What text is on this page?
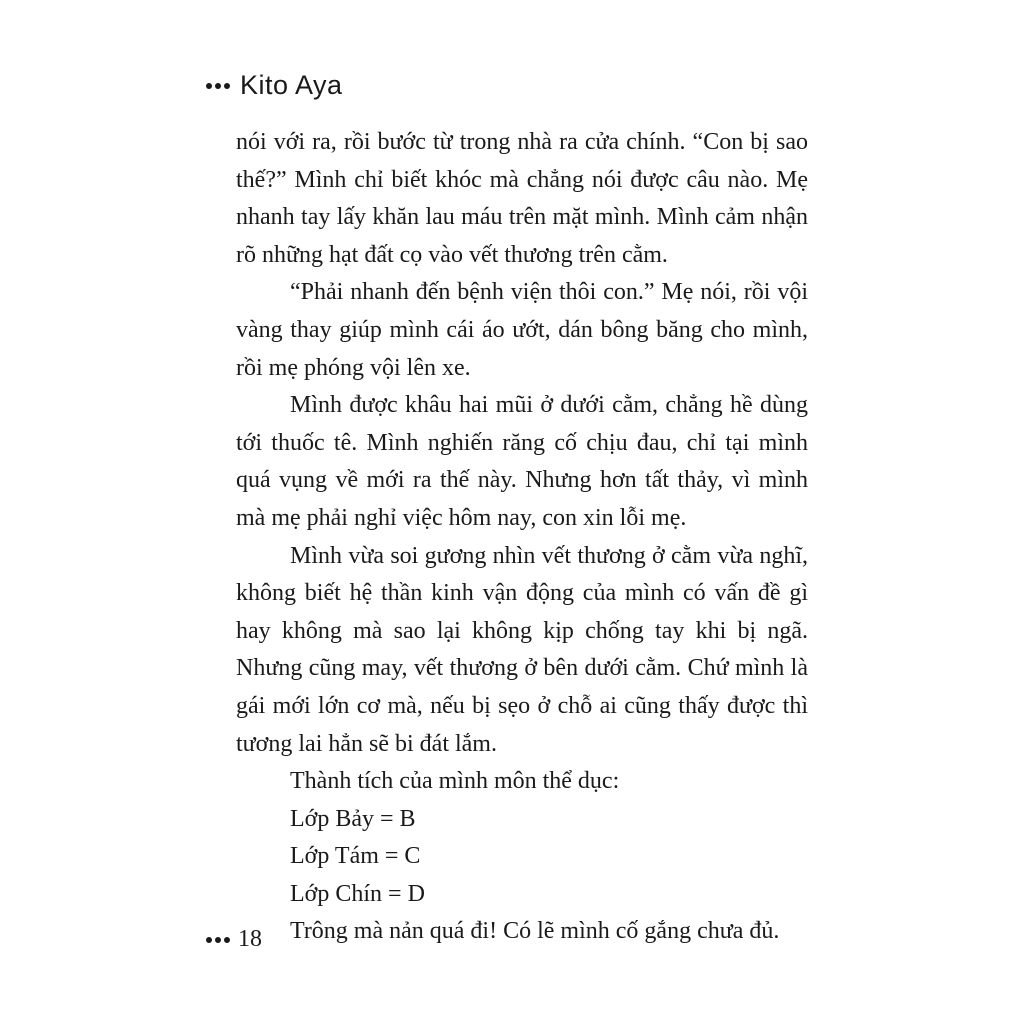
Kito Aya

nói với ra, rồi bước từ trong nhà ra cửa chính. “Con bị sao thế?” Mình chỉ biết khóc mà chẳng nói được câu nào. Mẹ nhanh tay lấy khăn lau máu trên mặt mình. Mình cảm nhận rõ những hạt đất cọ vào vết thương trên cằm.

“Phải nhanh đến bệnh viện thôi con.” Mẹ nói, rồi vội vàng thay giúp mình cái áo ướt, dán bông băng cho mình, rồi mẹ phóng vội lên xe.

Mình được khâu hai mũi ở dưới cằm, chẳng hề dùng tới thuốc tê. Mình nghiến răng cố chịu đau, chỉ tại mình quá vụng về mới ra thế này. Nhưng hơn tất thảy, vì mình mà mẹ phải nghỉ việc hôm nay, con xin lỗi mẹ.

Mình vừa soi gương nhìn vết thương ở cằm vừa nghĩ, không biết hệ thần kinh vận động của mình có vấn đề gì hay không mà sao lại không kịp chống tay khi bị ngã. Nhưng cũng may, vết thương ở bên dưới cằm. Chứ mình là gái mới lớn cơ mà, nếu bị sẹo ở chỗ ai cũng thấy được thì tương lai hẳn sẽ bi đát lắm.

Thành tích của mình môn thể dục:

Lớp Bảy = B

Lớp Tám = C

Lớp Chín = D

Trông mà nản quá đi! Có lẽ mình cố gắng chưa đủ.

18
